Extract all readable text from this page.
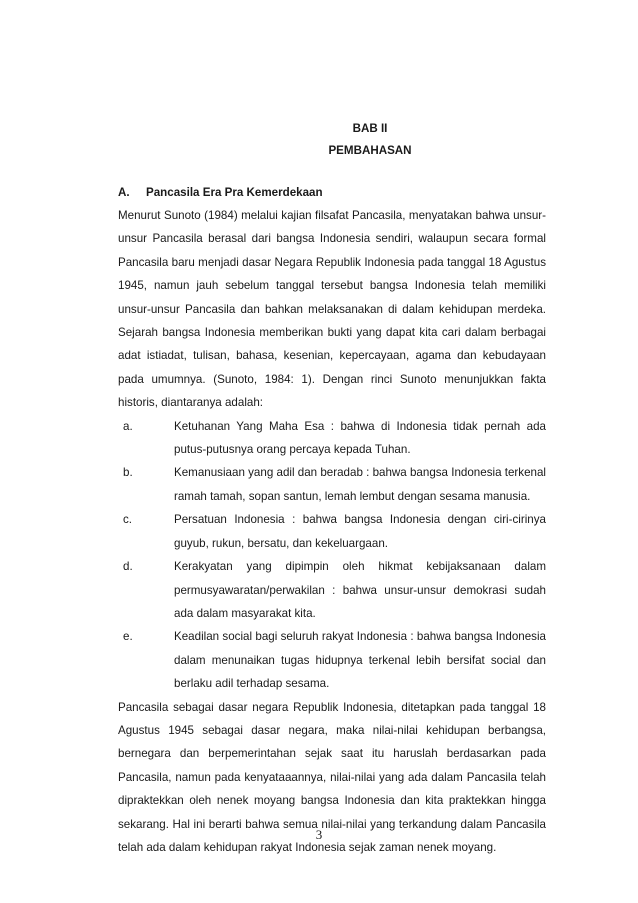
BAB II
PEMBAHASAN
A.	Pancasila Era Pra Kemerdekaan

Menurut Sunoto (1984) melalui kajian filsafat Pancasila, menyatakan bahwa unsur-unsur Pancasila berasal dari bangsa Indonesia sendiri, walaupun secara formal Pancasila baru menjadi dasar Negara Republik Indonesia pada tanggal 18 Agustus 1945, namun jauh sebelum tanggal tersebut bangsa Indonesia telah memiliki unsur-unsur Pancasila dan bahkan melaksanakan di dalam kehidupan merdeka. Sejarah bangsa Indonesia memberikan bukti yang dapat kita cari dalam berbagai adat istiadat, tulisan, bahasa, kesenian, kepercayaan, agama dan kebudayaan pada umumnya. (Sunoto, 1984: 1). Dengan rinci Sunoto menunjukkan fakta historis, diantaranya adalah:

a.	Ketuhanan Yang Maha Esa : bahwa di Indonesia tidak pernah ada putus-putusnya orang percaya kepada Tuhan.
b.	Kemanusiaan yang adil dan beradab : bahwa bangsa Indonesia terkenal ramah tamah, sopan santun, lemah lembut dengan sesama manusia.
c.	Persatuan Indonesia : bahwa bangsa Indonesia dengan ciri-cirinya guyub, rukun, bersatu, dan kekeluargaan.
d.	Kerakyatan yang dipimpin oleh hikmat kebijaksanaan dalam permusyawaratan/perwakilan : bahwa unsur-unsur demokrasi sudah ada dalam masyarakat kita.
e.	Keadilan social bagi seluruh rakyat Indonesia : bahwa bangsa Indonesia dalam menunaikan tugas hidupnya terkenal lebih bersifat social dan berlaku adil terhadap sesama.

Pancasila sebagai dasar negara Republik Indonesia, ditetapkan pada tanggal 18 Agustus 1945 sebagai dasar negara, maka nilai-nilai kehidupan berbangsa, bernegara dan berpemerintahan sejak saat itu haruslah berdasarkan pada Pancasila, namun pada kenyataaannya, nilai-nilai yang ada dalam Pancasila telah dipraktekkan oleh nenek moyang bangsa Indonesia dan kita praktekkan hingga sekarang. Hal ini berarti bahwa semua nilai-nilai yang terkandung dalam Pancasila telah ada dalam kehidupan rakyat Indonesia sejak zaman nenek moyang.

3
